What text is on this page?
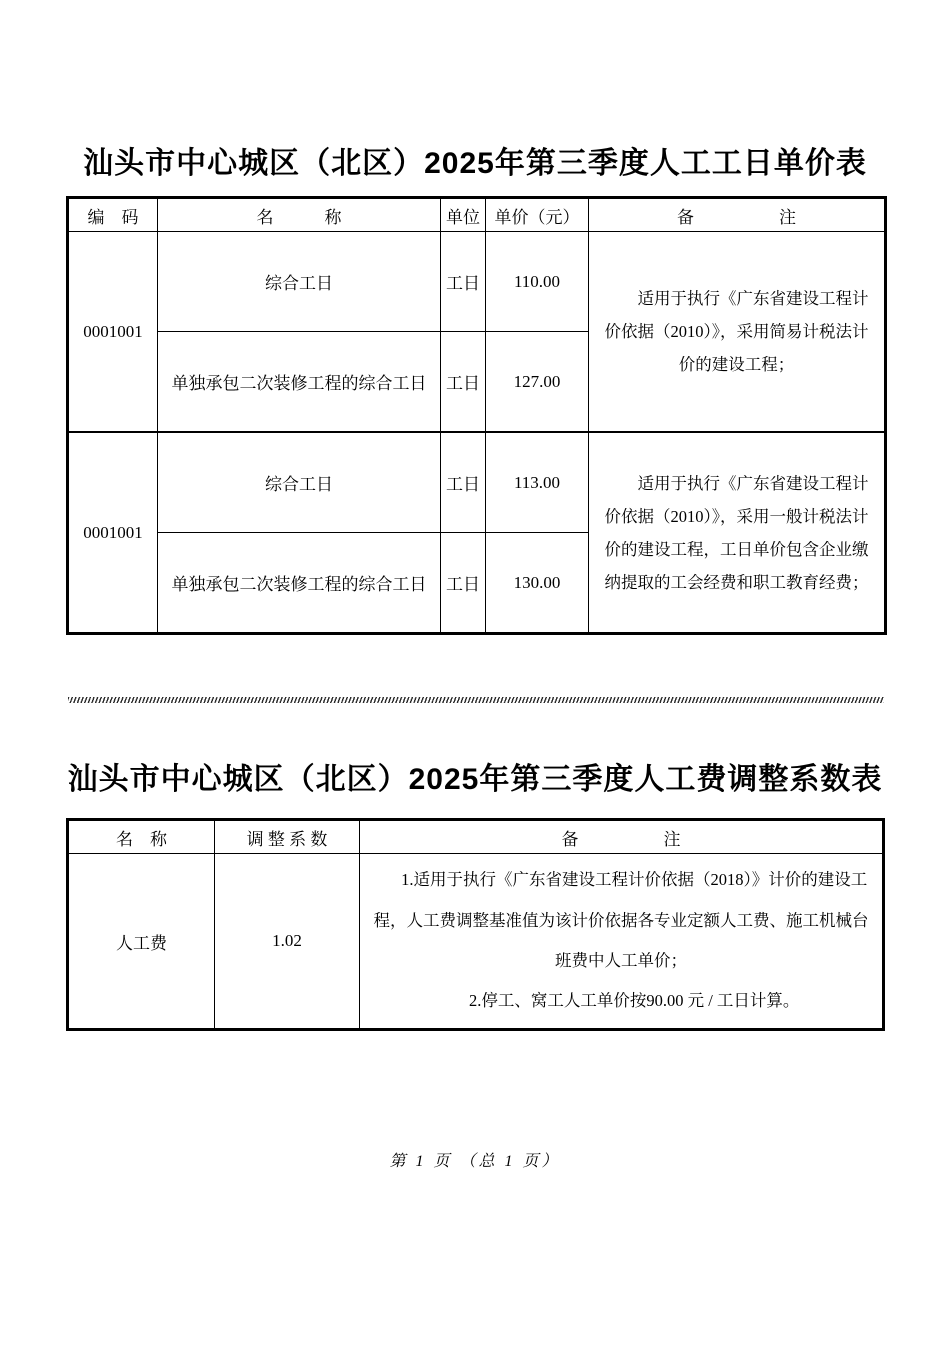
汕头市中心城区（北区）2025年第三季度人工工日单价表
编　码	名　　　称	单位	单价（元）	备　　　　　注
0001001	综合工日	工日	110.00	适用于执行《广东省建设工程计价依据（2010）》，采用简易计税法计价的建设工程；

	单独承包二次装修工程的综合工日	工日	127.00	
0001001	综合工日	工日	113.00	适用于执行《广东省建设工程计价依据（2010）》，采用一般计税法计价的建设工程，工日单价包含企业缴纳提取的工会经费和职工教育经费；

	单独承包二次装修工程的综合工日	工日	130.00	
汕头市中心城区（北区）2025年第三季度人工费调整系数表
名　称	调 整 系 数	备　　　　　注
人工费	1.02	1.适用于执行《广东省建设工程计价依据（2018）》计价的建设工程，人工费调整基准值为该计价依据各专业定额人工费、施工机械台班费中人工单价；

2.停工、窝工人工单价按90.00 元 / 工日计算。

第 1 页 （总 1 页）
